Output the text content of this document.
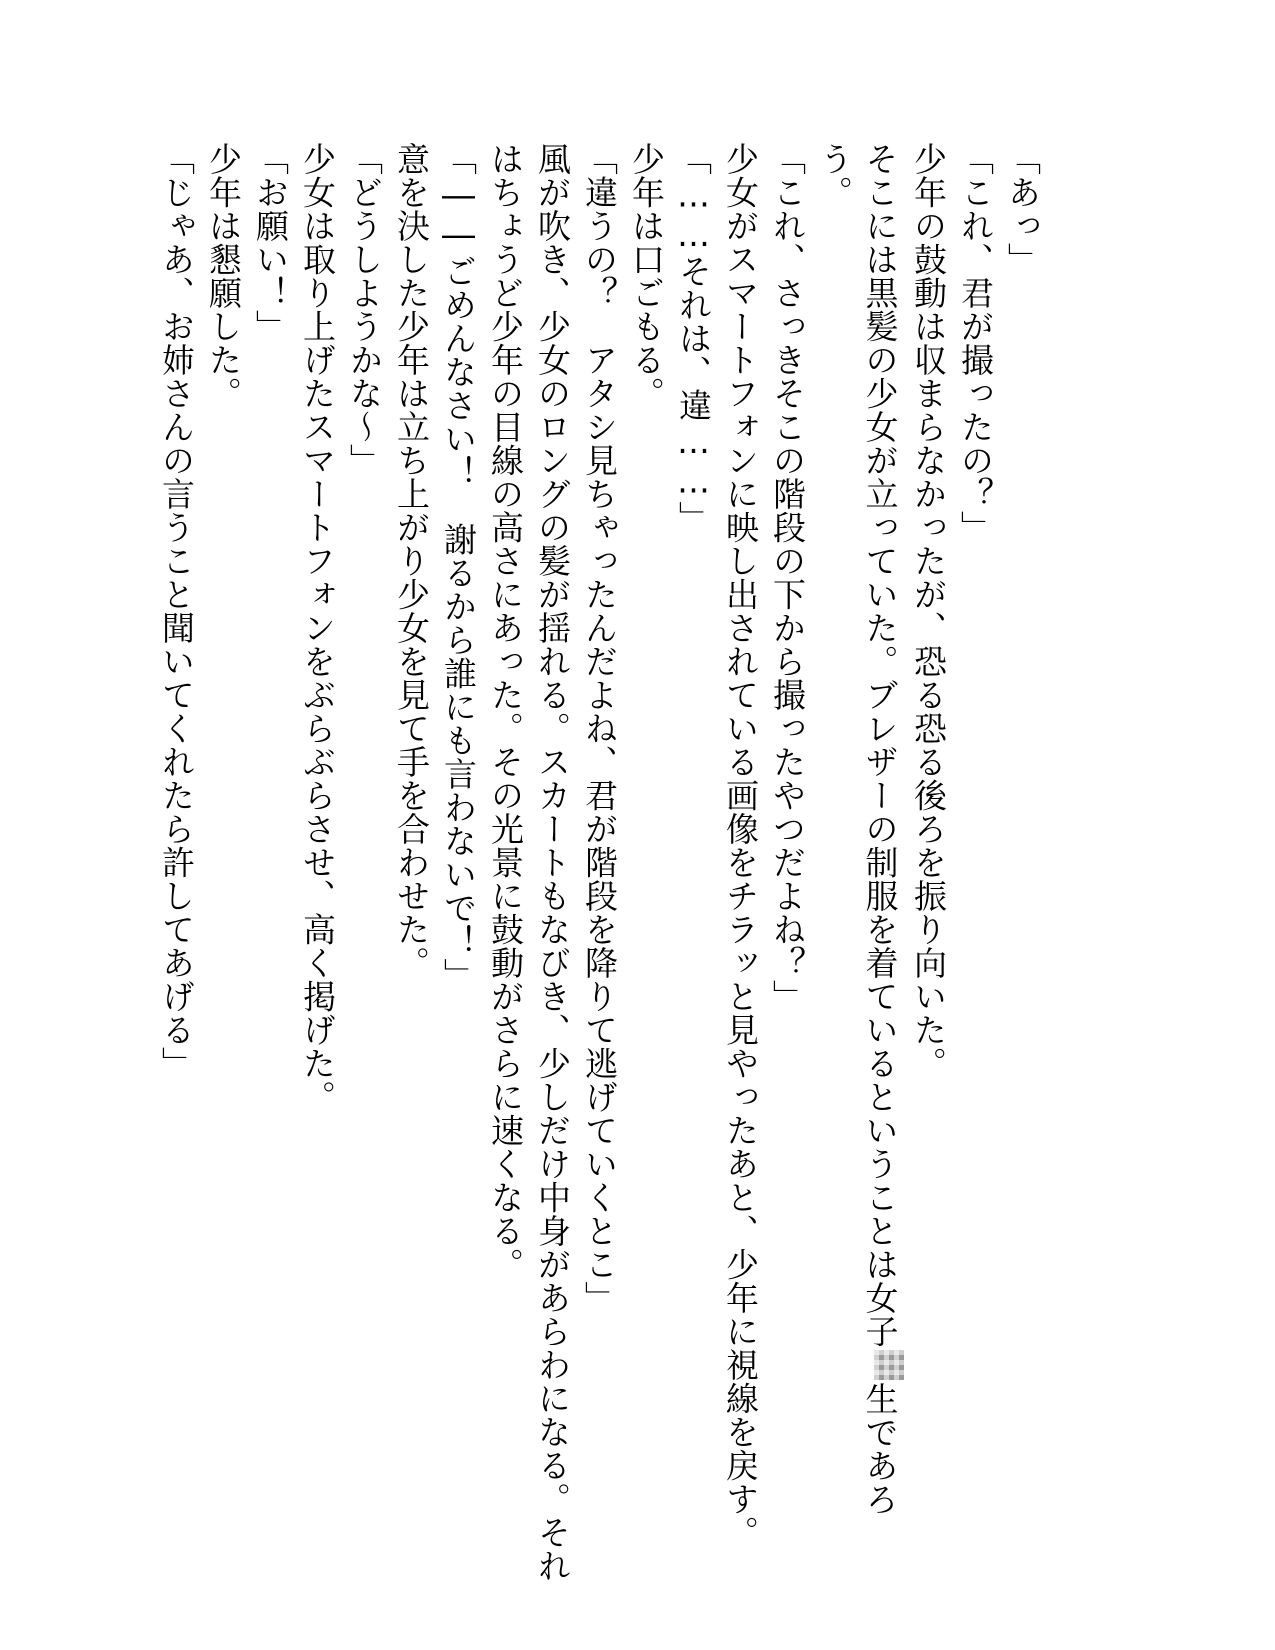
「あっ」

「これ、君が撮ったの？」

少年の鼓動は収まらなかったが、恐る恐る後ろを振り向いた。

そこには黒髪の少女が立っていた。ブレザーの制服を着ているということは女子生であろ

う。

「これ、さっきそこの階段の下から撮ったやつだよね？」

少女がスマートフォンに映し出されている画像をチラッと見やったあと、少年に視線を戻す。

「……それは、違……」

少年は口ごもる。

「違うの？　アタシ見ちゃったんだよね、君が階段を降りて逃げていくとこ」

風が吹き、少女のロングの髪が揺れる。スカートもなびき、少しだけ中身があらわになる。それ

はちょうど少年の目線の高さにあった。その光景に鼓動がさらに速くなる。

「――ごめんなさい！　謝るから誰にも言わないで！」

意を決した少年は立ち上がり少女を見て手を合わせた。

「どうしようかな～」

少女は取り上げたスマートフォンをぶらぶらさせ、高く掲げた。

「お願い！」

少年は懇願した。

「じゃあ、お姉さんの言うこと聞いてくれたら許してあげる」
